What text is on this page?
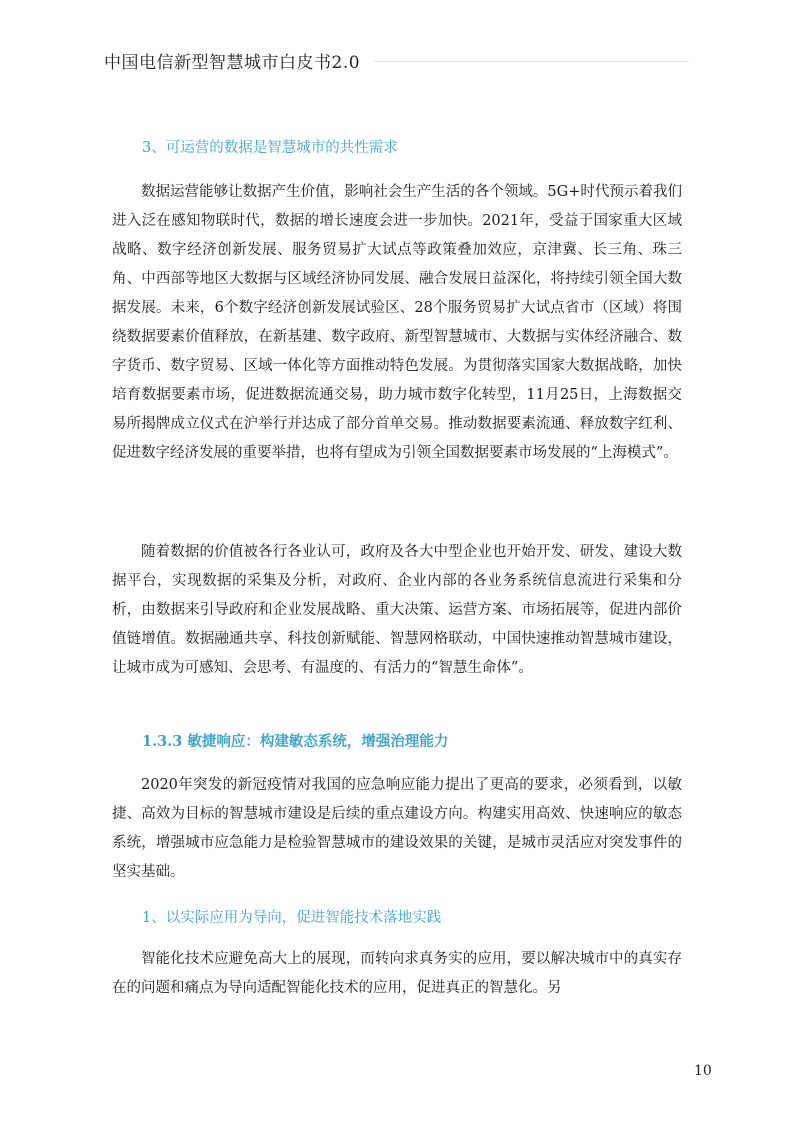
中国电信新型智慧城市白皮书2.0

3、可运营的数据是智慧城市的共性需求

数据运营能够让数据产生价值，影响社会生产生活的各个领域。5G+时代预示着我们进入泛在感知物联时代，数据的增长速度会进一步加快。2021年，受益于国家重大区域战略、数字经济创新发展、服务贸易扩大试点等政策叠加效应，京津冀、长三角、珠三角、中西部等地区大数据与区域经济协同发展、融合发展日益深化，将持续引领全国大数据发展。未来，6个数字经济创新发展试验区、28个服务贸易扩大试点省市（区域）将围绕数据要素价值释放，在新基建、数字政府、新型智慧城市、大数据与实体经济融合、数字货币、数字贸易、区域一体化等方面推动特色发展。为贯彻落实国家大数据战略，加快培育数据要素市场，促进数据流通交易，助力城市数字化转型，11月25日，上海数据交易所揭牌成立仪式在沪举行并达成了部分首单交易。推动数据要素流通、释放数字红利、促进数字经济发展的重要举措，也将有望成为引领全国数据要素市场发展的“上海模式”。

随着数据的价值被各行各业认可，政府及各大中型企业也开始开发、研发、建设大数据平台，实现数据的采集及分析，对政府、企业内部的各业务系统信息流进行采集和分析，由数据来引导政府和企业发展战略、重大决策、运营方案、市场拓展等，促进内部价值链增值。数据融通共享、科技创新赋能、智慧网格联动，中国快速推动智慧城市建设，让城市成为可感知、会思考、有温度的、有活力的“智慧生命体”。

1.3.3 敏捷响应：构建敏态系统，增强治理能力

2020年突发的新冠疫情对我国的应急响应能力提出了更高的要求，必须看到，以敏捷、高效为目标的智慧城市建设是后续的重点建设方向。构建实用高效、快速响应的敏态系统，增强城市应急能力是检验智慧城市的建设效果的关键，是城市灵活应对突发事件的坚实基础。

1、以实际应用为导向，促进智能技术落地实践

智能化技术应避免高大上的展现，而转向求真务实的应用，要以解决城市中的真实存在的问题和痛点为导向适配智能化技术的应用，促进真正的智慧化。另

10
